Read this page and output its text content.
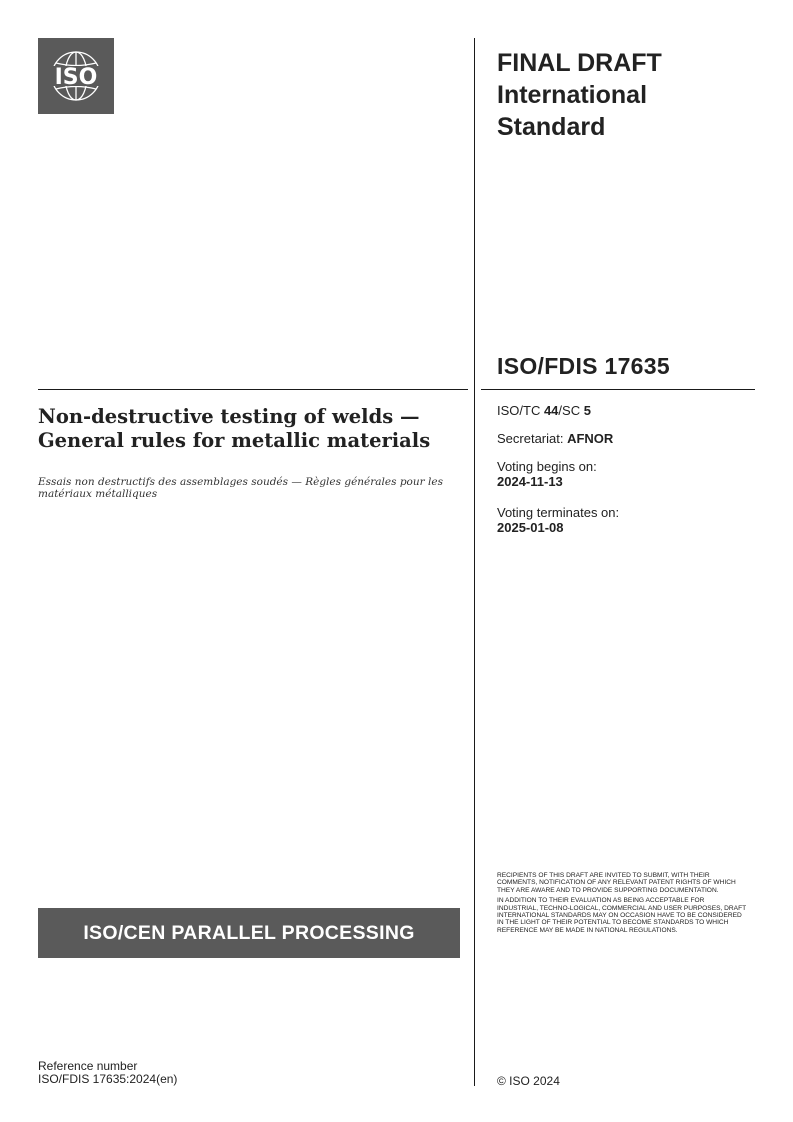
ISO
FINAL DRAFT
International
Standard
ISO/FDIS 17635
Non-destructive testing of welds —
General rules for metallic materials
Essais non destructifs des assemblages soudés — Règles générales pour les matériaux métalliques
ISO/TC 44/SC 5
Secretariat: AFNOR
Voting begins on:
2024-11-13
Voting terminates on:
2025-01-08

RECIPIENTS OF THIS DRAFT ARE INVITED TO SUBMIT, WITH THEIR COMMENTS, NOTIFICATION OF ANY RELEVANT PATENT RIGHTS OF WHICH THEY ARE AWARE AND TO PROVIDE SUPPORTING DOCUMENTATION.

IN ADDITION TO THEIR EVALUATION AS BEING ACCEPTABLE FOR INDUSTRIAL, TECHNO-LOGICAL, COMMERCIAL AND USER PURPOSES, DRAFT INTERNATIONAL STANDARDS MAY ON OCCASION HAVE TO BE CONSIDERED IN THE LIGHT OF THEIR POTENTIAL TO BECOME STANDARDS TO WHICH REFERENCE MAY BE MADE IN NATIONAL REGULATIONS.

ISO/CEN PARALLEL PROCESSING
Reference number
ISO/FDIS 17635:2024(en)	© ISO 2024
